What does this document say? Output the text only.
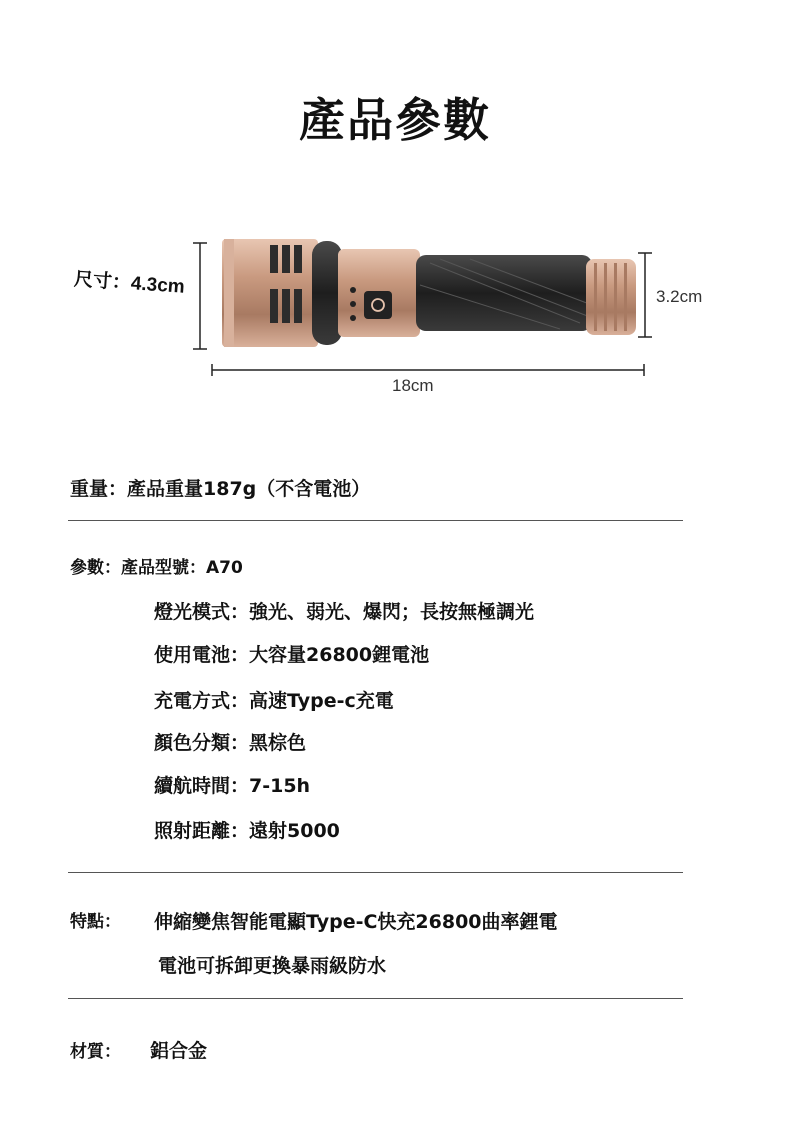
產品參數
尺寸：4.3cm	3.2cm
18cm
重量：產品重量187g（不含電池）
參數：產品型號：A70
燈光模式：強光、弱光、爆閃；長按無極調光
使用電池：大容量26800鋰電池
充電方式：高速Type-c充電
顏色分類：黑棕色
續航時間：7-15h
照射距離：遠射5000
特點： 伸縮變焦智能電顯Type-C快充26800曲率鋰電
電池可拆卸更換暴雨級防水
材質： 鋁合金
